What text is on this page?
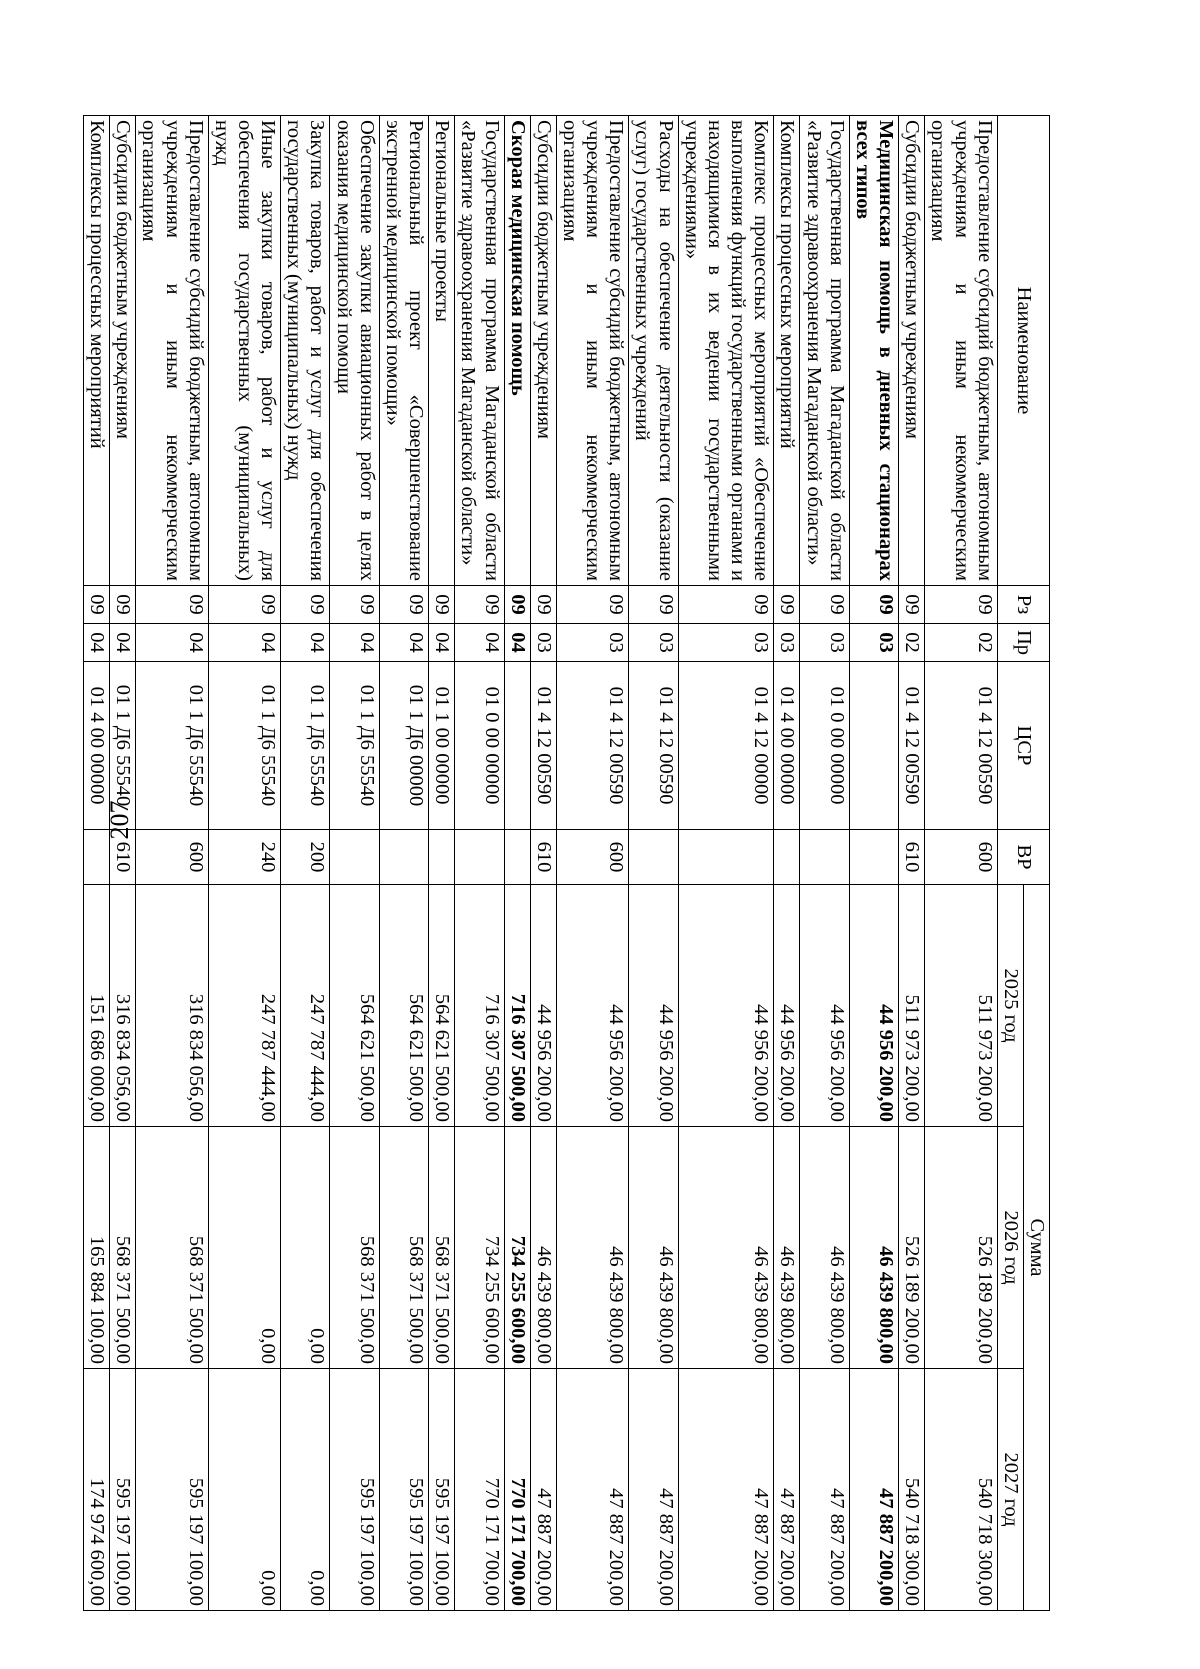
207
Наименование	Рз	Пр	ЦСР	ВР	Сумма		
					2025 год	2026 год	2027 год
Предоставление субсидий бюджетным, автономным учреждениям и иным некоммерческим организациям	09	02	01 4 12 00590	600	511 973 200,00	526 189 200,00	540 718 300,00
Субсидии бюджетным учреждениям	09	02	01 4 12 00590	610	511 973 200,00	526 189 200,00	540 718 300,00
Медицинская помощь в дневных стационарах всех типов	09	03			44 956 200,00	46 439 800,00	47 887 200,00
Государственная программа Магаданской области «Развитие здравоохранения Магаданской области»	09	03	01 0 00 00000		44 956 200,00	46 439 800,00	47 887 200,00
Комплексы процессных мероприятий	09	03	01 4 00 00000		44 956 200,00	46 439 800,00	47 887 200,00
Комплекс процессных мероприятий «Обеспечение выполнения функций государственными органами и находящимися в их ведении государственными учреждениями»	09	03	01 4 12 00000		44 956 200,00	46 439 800,00	47 887 200,00
Расходы на обеспечение деятельности (оказание услуг) государственных учреждений	09	03	01 4 12 00590		44 956 200,00	46 439 800,00	47 887 200,00
Предоставление субсидий бюджетным, автономным учреждениям и иным некоммерческим организациям	09	03	01 4 12 00590	600	44 956 200,00	46 439 800,00	47 887 200,00
Субсидии бюджетным учреждениям	09	03	01 4 12 00590	610	44 956 200,00	46 439 800,00	47 887 200,00
Скорая медицинская помощь	09	04			716 307 500,00	734 255 600,00	770 171 700,00
Государственная программа Магаданской области «Развитие здравоохранения Магаданской области»	09	04	01 0 00 00000		716 307 500,00	734 255 600,00	770 171 700,00
Региональные проекты	09	04	01 1 00 00000		564 621 500,00	568 371 500,00	595 197 100,00
Региональный проект «Совершенствование экстренной медицинской помощи»	09	04	01 1 Д6 00000		564 621 500,00	568 371 500,00	595 197 100,00
Обеспечение закупки авиационных работ в целях оказания медицинской помощи	09	04	01 1 Д6 55540		564 621 500,00	568 371 500,00	595 197 100,00
Закупка товаров, работ и услуг для обеспечения государственных (муниципальных) нужд	09	04	01 1 Д6 55540	200	247 787 444,00	0,00	0,00
Иные закупки товаров, работ и услуг для обеспечения государственных (муниципальных) нужд	09	04	01 1 Д6 55540	240	247 787 444,00	0,00	0,00
Предоставление субсидий бюджетным, автономным учреждениям и иным некоммерческим организациям	09	04	01 1 Д6 55540	600	316 834 056,00	568 371 500,00	595 197 100,00
Субсидии бюджетным учреждениям	09	04	01 1 Д6 55540	610	316 834 056,00	568 371 500,00	595 197 100,00
Комплексы процессных мероприятий	09	04	01 4 00 00000		151 686 000,00	165 884 100,00	174 974 600,00
